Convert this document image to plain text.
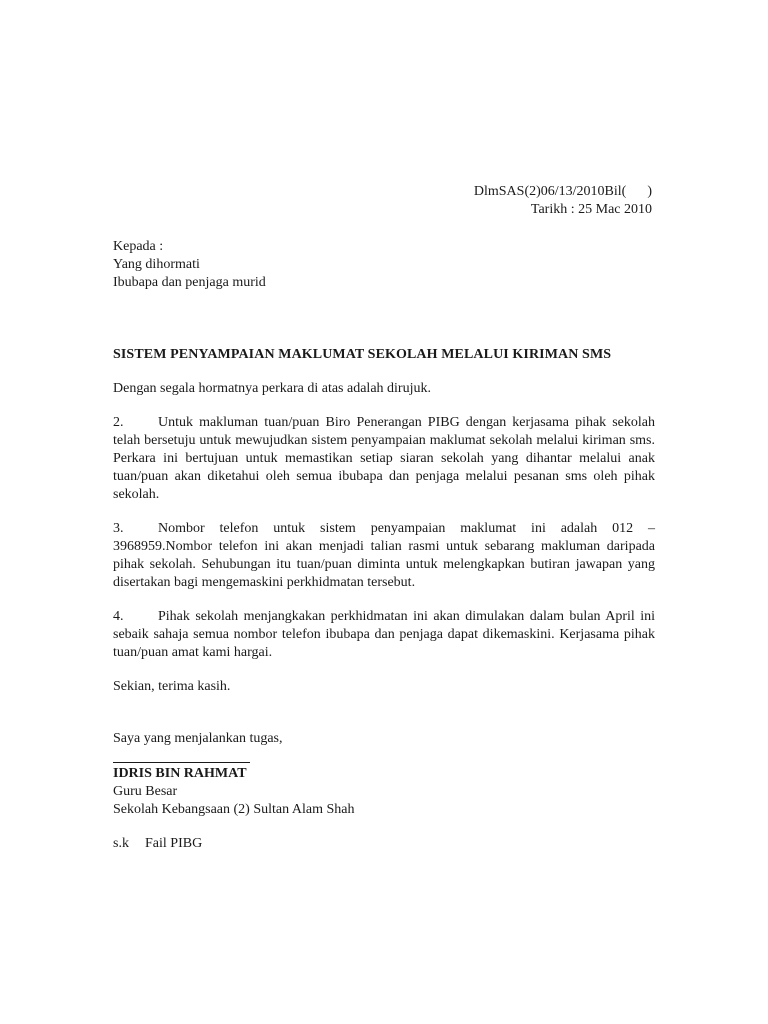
DlmSAS(2)06/13/2010Bil(      )
Tarikh : 25 Mac 2010
Kepada :
Yang dihormati
Ibubapa dan penjaga murid
SISTEM PENYAMPAIAN MAKLUMAT SEKOLAH MELALUI KIRIMAN SMS
Dengan segala hormatnya perkara di atas adalah dirujuk.
2. Untuk makluman tuan/puan Biro Penerangan PIBG dengan kerjasama pihak sekolah telah bersetuju untuk mewujudkan sistem penyampaian maklumat sekolah melalui kiriman sms. Perkara ini bertujuan untuk memastikan setiap siaran sekolah yang dihantar melalui anak tuan/puan akan diketahui oleh semua ibubapa dan penjaga melalui pesanan sms oleh pihak sekolah.
3. Nombor telefon untuk sistem penyampaian maklumat ini adalah 012 – 3968959.Nombor telefon ini akan menjadi talian rasmi untuk sebarang makluman daripada pihak sekolah. Sehubungan itu tuan/puan diminta untuk melengkapkan butiran jawapan yang disertakan bagi mengemaskini perkhidmatan tersebut.
4. Pihak sekolah menjangkakan perkhidmatan ini akan dimulakan dalam bulan April ini sebaik sahaja semua nombor telefon ibubapa dan penjaga dapat dikemaskini. Kerjasama pihak tuan/puan amat kami hargai.
Sekian, terima kasih.
Saya yang menjalankan tugas,
IDRIS BIN RAHMAT
Guru Besar
Sekolah Kebangsaan (2) Sultan Alam Shah
s.k Fail PIBG
